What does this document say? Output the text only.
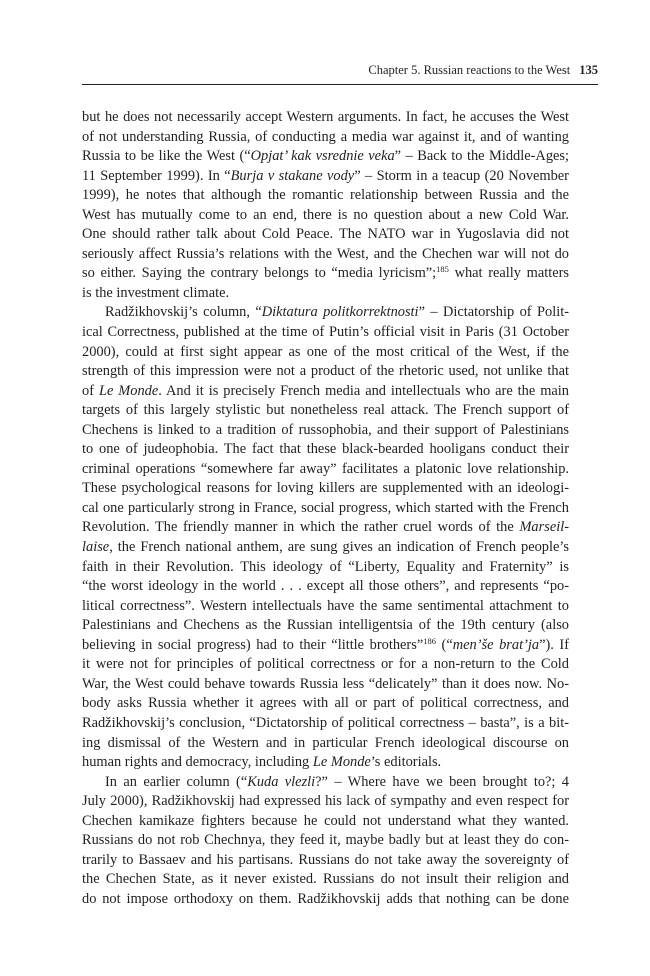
Chapter 5. Russian reactions to the West 135
but he does not necessarily accept Western arguments. In fact, he accuses the West
of not understanding Russia, of conducting a media war against it, and of wanting
Russia to be like the West (“Opjat’ kak vsrednie veka” – Back to the Middle-Ages;
11 September 1999). In “Burja v stakane vody” – Storm in a teacup (20 November
1999), he notes that although the romantic relationship between Russia and the
West has mutually come to an end, there is no question about a new Cold War.
One should rather talk about Cold Peace. The NATO war in Yugoslavia did not
seriously affect Russia’s relations with the West, and the Chechen war will not do
so either. Saying the contrary belongs to “media lyricism”;$^{185}$ what really matters
is the investment climate.
Radžikhovskij’s column, “Diktatura politkorrektnosti” – Dictatorship of Polit-
ical Correctness, published at the time of Putin’s official visit in Paris (31 October
2000), could at first sight appear as one of the most critical of the West, if the
strength of this impression were not a product of the rhetoric used, not unlike that
of Le Monde. And it is precisely French media and intellectuals who are the main
targets of this largely stylistic but nonetheless real attack. The French support of
Chechens is linked to a tradition of russophobia, and their support of Palestinians
to one of judeophobia. The fact that these black-bearded hooligans conduct their
criminal operations “somewhere far away” facilitates a platonic love relationship.
These psychological reasons for loving killers are supplemented with an ideologi-
cal one particularly strong in France, social progress, which started with the French
Revolution. The friendly manner in which the rather cruel words of the Marseil-
laise, the French national anthem, are sung gives an indication of French people’s
faith in their Revolution. This ideology of “Liberty, Equality and Fraternity” is
“the worst ideology in the world . . . except all those others”, and represents “po-
litical correctness”. Western intellectuals have the same sentimental attachment to
Palestinians and Chechens as the Russian intelligentsia of the 19th century (also
believing in social progress) had to their “little brothers”$^{186}$ (“men’še brat’ja”). If
it were not for principles of political correctness or for a non-return to the Cold
War, the West could behave towards Russia less “delicately” than it does now. No-
body asks Russia whether it agrees with all or part of political correctness, and
Radžikhovskij’s conclusion, “Dictatorship of political correctness – basta”, is a bit-
ing dismissal of the Western and in particular French ideological discourse on
human rights and democracy, including Le Monde’s editorials.
In an earlier column (“Kuda vlezli?” – Where have we been brought to?; 4
July 2000), Radžikhovskij had expressed his lack of sympathy and even respect for
Chechen kamikaze fighters because he could not understand what they wanted.
Russians do not rob Chechnya, they feed it, maybe badly but at least they do con-
trarily to Bassaev and his partisans. Russians do not take away the sovereignty of
the Chechen State, as it never existed. Russians do not insult their religion and
do not impose orthodoxy on them. Radžikhovskij adds that nothing can be done
